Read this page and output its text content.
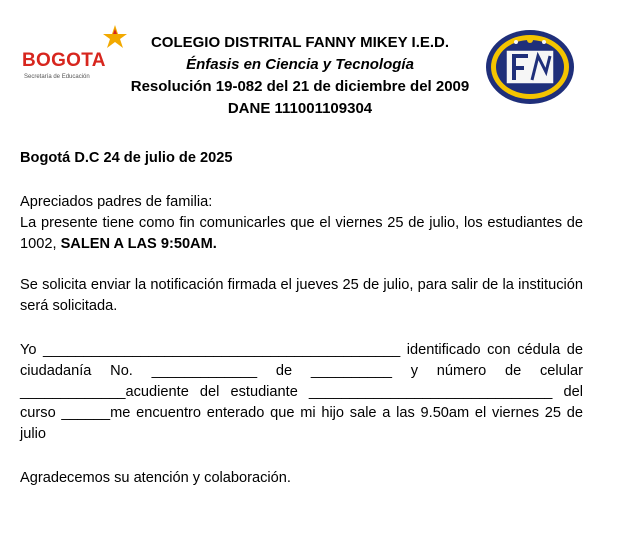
BOGOTA
Secretaría de Educación
COLEGIO DISTRITAL FANNY MIKEY I.E.D.
Énfasis en Ciencia y Tecnología
Resolución 19-082 del 21 de diciembre del 2009
DANE 111001109304

Bogotá D.C 24 de julio de 2025

Apreciados padres de familia:

La presente tiene como fin comunicarles que el viernes 25 de julio, los estudiantes de 1002, SALEN A LAS 9:50AM.

Se solicita enviar la notificación firmada el jueves 25 de julio, para salir de la institución será solicitada.

Yo ____________________________________________ identificado con cédula de ciudadanía No. _____________ de __________ y número de celular _____________acudiente del estudiante ______________________________ del curso ______me encuentro enterado que mi hijo sale a las 9.50am el viernes 25 de julio

Agradecemos su atención y colaboración.
